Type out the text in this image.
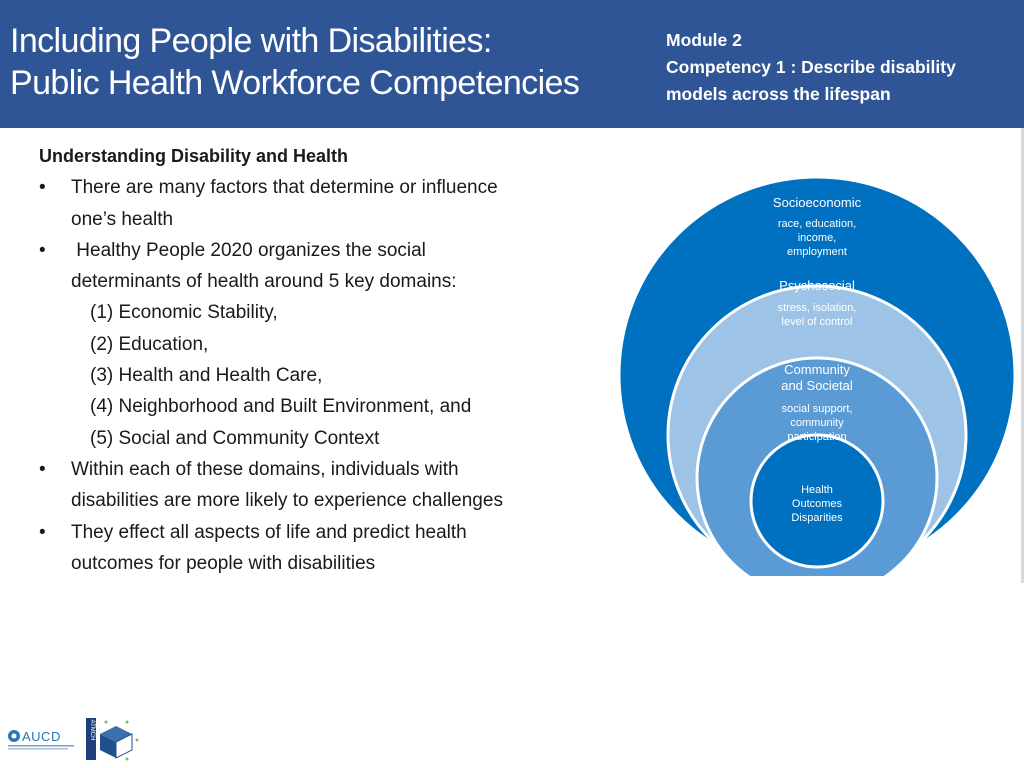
Including People with Disabilities:
Public Health Workforce Competencies
Module 2
Competency 1 : Describe disability
models across the lifespan
Understanding Disability and Health
• There are many factors that determine or influence
one’s health
• Healthy People 2020 organizes the social
determinants of health around 5 key domains:
(1) Economic Stability,
(2) Education,
(3) Health and Health Care,
(4) Neighborhood and Built Environment, and
(5) Social and Community Context
• Within each of these domains, individuals with
disabilities are more likely to experience challenges
• They effect all aspects of life and predict health
outcomes for people with disabilities
Socioeconomic
race, education,
income,
employment
Psychosocial
stress, isolation,
level of control
Community
and Societal
social support,
community
participation
Health
Outcomes
Disparities
AUCD	ATMCH
